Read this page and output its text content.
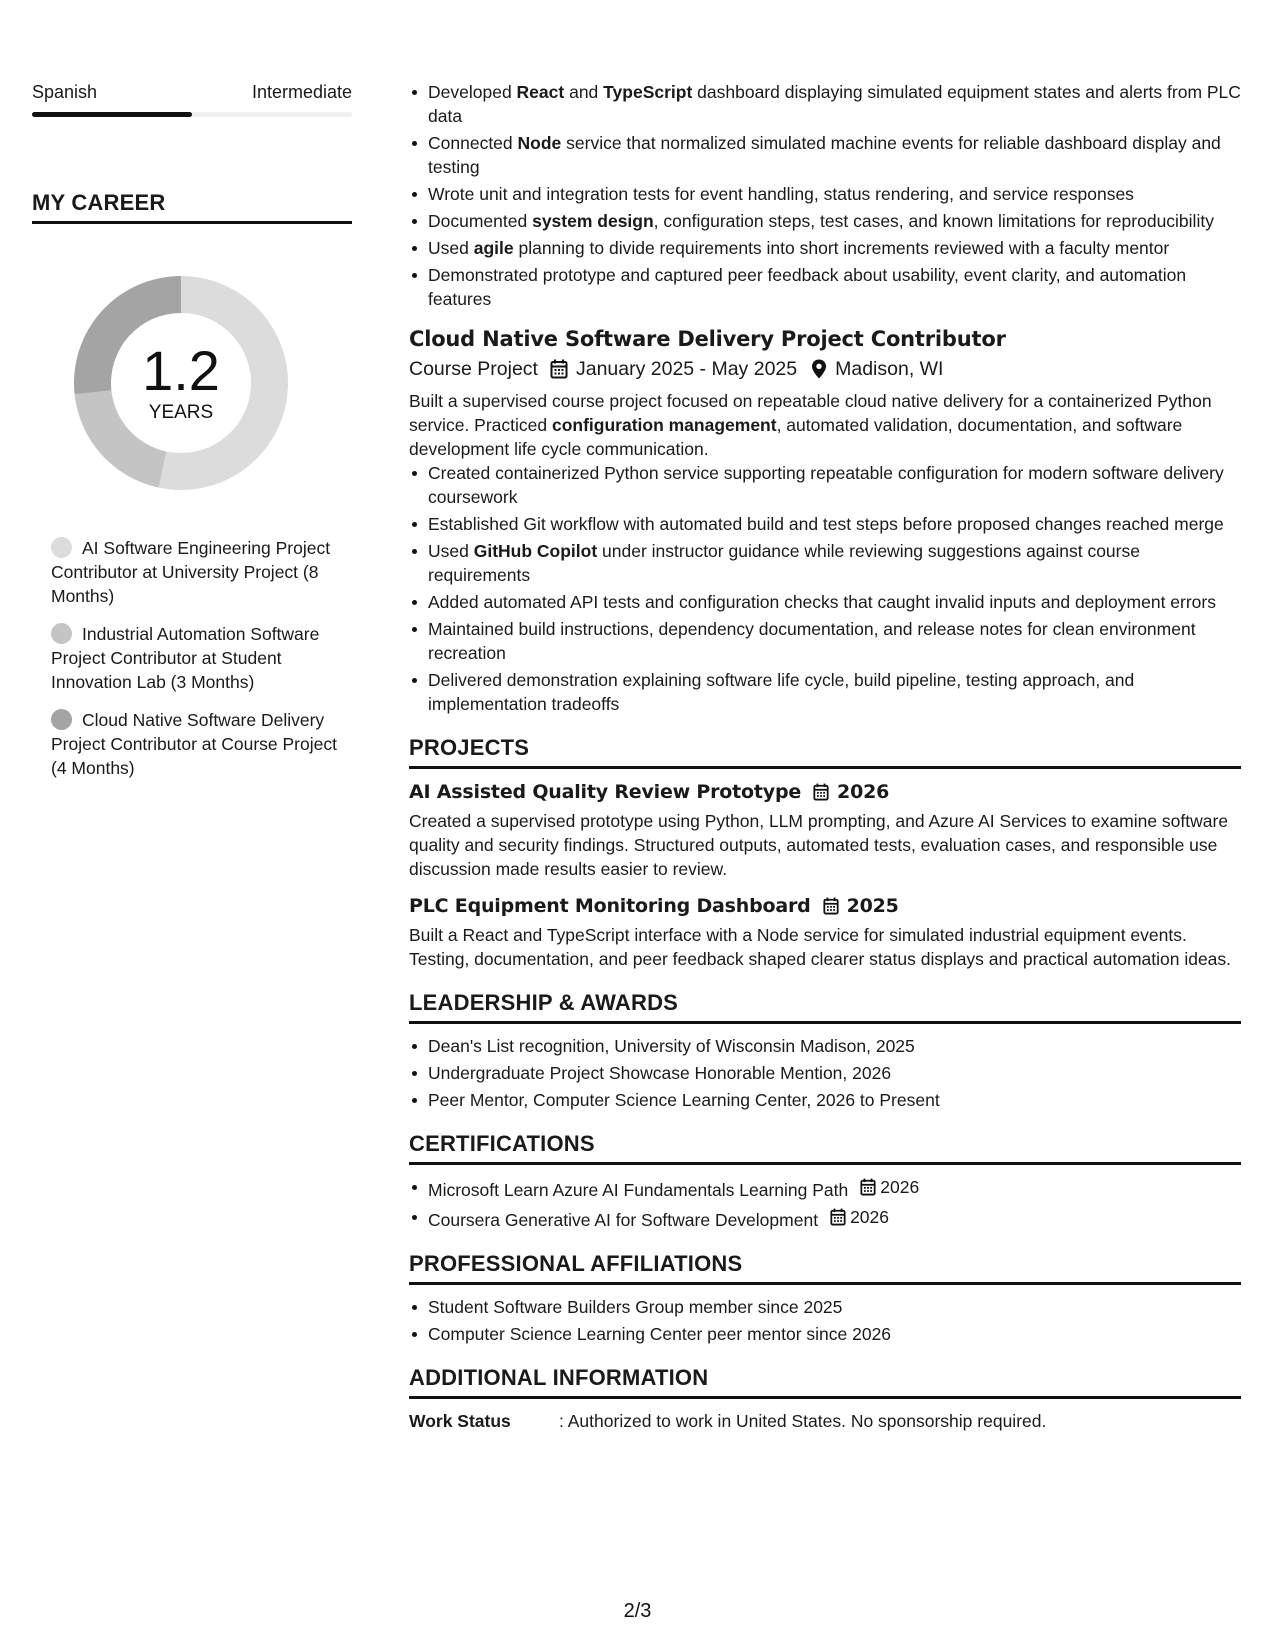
Spanish	Intermediate
MY CAREER
1.2
YEARS
AI Software Engineering Project Contributor at University Project (8 Months)
Industrial Automation Software Project Contributor at Student Innovation Lab (3 Months)
Cloud Native Software Delivery Project Contributor at Course Project (4 Months)
Developed React and TypeScript dashboard displaying simulated equipment states and alerts from PLC data
Connected Node service that normalized simulated machine events for reliable dashboard display and testing
Wrote unit and integration tests for event handling, status rendering, and service responses
Documented system design, configuration steps, test cases, and known limitations for reproducibility
Used agile planning to divide requirements into short increments reviewed with a faculty mentor
Demonstrated prototype and captured peer feedback about usability, event clarity, and automation features
Cloud Native Software Delivery Project Contributor
Course Project January 2025 - May 2025 Madison, WI
Built a supervised course project focused on repeatable cloud native delivery for a containerized Python service. Practiced configuration management, automated validation, documentation, and software development life cycle communication.
Created containerized Python service supporting repeatable configuration for modern software delivery coursework
Established Git workflow with automated build and test steps before proposed changes reached merge
Used GitHub Copilot under instructor guidance while reviewing suggestions against course requirements
Added automated API tests and configuration checks that caught invalid inputs and deployment errors
Maintained build instructions, dependency documentation, and release notes for clean environment recreation
Delivered demonstration explaining software life cycle, build pipeline, testing approach, and implementation tradeoffs
PROJECTS
AI Assisted Quality Review Prototype 2026
Created a supervised prototype using Python, LLM prompting, and Azure AI Services to examine software quality and security findings. Structured outputs, automated tests, evaluation cases, and responsible use discussion made results easier to review.
PLC Equipment Monitoring Dashboard 2025
Built a React and TypeScript interface with a Node service for simulated industrial equipment events. Testing, documentation, and peer feedback shaped clearer status displays and practical automation ideas.
LEADERSHIP & AWARDS
Dean's List recognition, University of Wisconsin Madison, 2025
Undergraduate Project Showcase Honorable Mention, 2026
Peer Mentor, Computer Science Learning Center, 2026 to Present
CERTIFICATIONS
Microsoft Learn Azure AI Fundamentals Learning Path 2026
Coursera Generative AI for Software Development 2026
PROFESSIONAL AFFILIATIONS
Student Software Builders Group member since 2025
Computer Science Learning Center peer mentor since 2026
ADDITIONAL INFORMATION
Work Status	: Authorized to work in United States. No sponsorship required.
2/3
